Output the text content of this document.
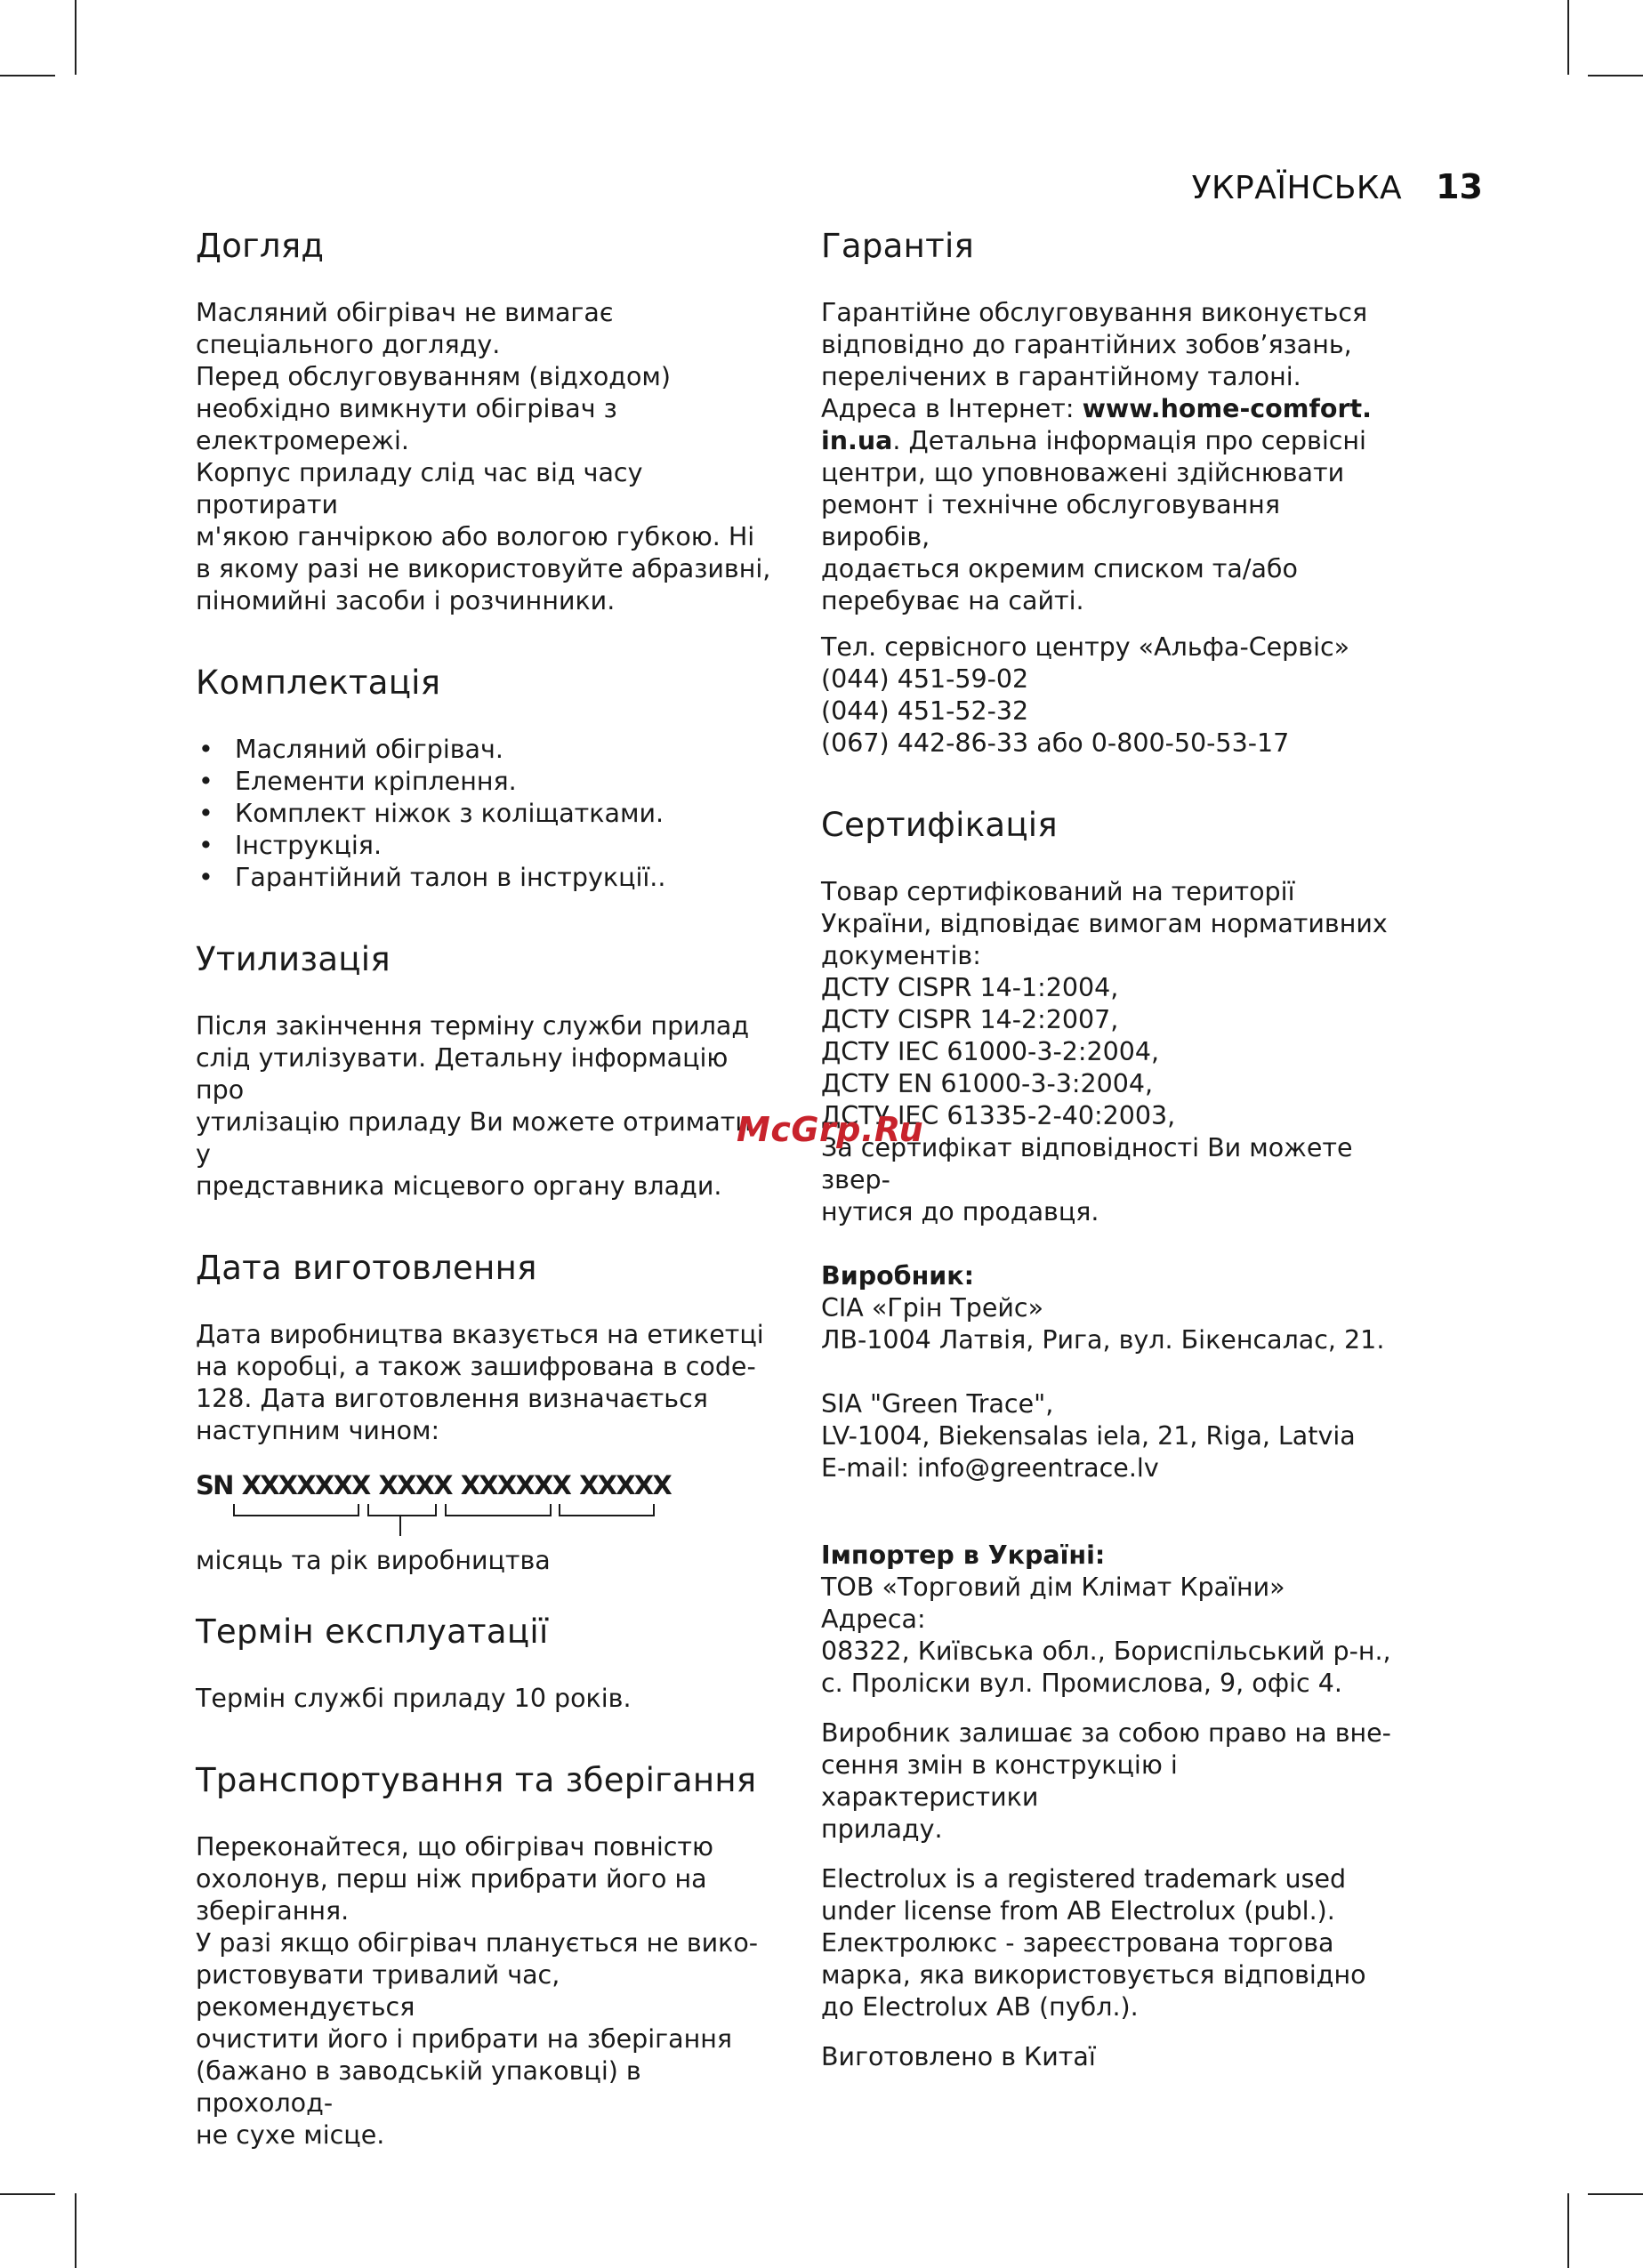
УКРАЇНСЬКА 13
Догляд
Масляний обігрівач не вимагає
спеціального догляду.
Перед обслуговуванням (відходом)
необхідно вимкнути обігрівач з
електромережі.
Корпус приладу слід час від часу протирати
м'якою ганчіркою або вологою губкою. Ні
в якому разі не використовуйте абразивні,
піномийні засоби і розчинники.
Комплектація
• Масляний обігрівач.
• Елементи кріплення.
• Комплект ніжок з коліщатками.
• Інструкція.
• Гарантійний талон в інструкції..
Утилизація
Після закінчення терміну служби прилад
слід утилізувати. Детальну інформацію про
утилізацію приладу Ви можете отримати у
представника місцевого органу влади.
Дата виготовлення
Дата виробництва вказується на етикетці
на коробці, а також зашифрована в code-
128. Дата виготовлення визначається
наступним чином:
SN XXXXXXX XXXX XXXXXX XXXXX
місяць та рік виробництва
Термін експлуатації
Термін службі приладу 10 років.
Транспортування та зберігання
Переконайтеся, що обігрівач повністю
охолонув, перш ніж прибрати його на
зберігання.
У разі якщо обігрівач планується не вико-
ристовувати тривалий час, рекомендується
очистити його і прибрати на зберігання
(бажано в заводській упаковці) в прохолод-
не сухе місце.
Гарантія
Гарантійне обслуговування виконується
відповідно до гарантійних зобов’язань,
перелічених в гарантійному талоні.
Адреса в Інтернет: www.home-comfort.
in.ua. Детальна інформація про сервісні
центри, що уповноважені здійснювати
ремонт і технічне обслуговування виробів,
додається окремим списком та/або
перебуває на сайті.
Тел. сервісного центру «Альфа-Сервіс»
(044) 451-59-02
(044) 451-52-32
(067) 442-86-33 або 0-800-50-53-17
Сертифікація
Товар сертифікований на території
України, відповідає вимогам нормативних
документів:
ДСТУ CISPR 14-1:2004,
ДСТУ CISPR 14-2:2007,
ДСТУ IEC 61000-3-2:2004,
ДСТУ EN 61000-3-3:2004,
ДСТУ IEC 61335-2-40:2003,
За сертифікат відповідності Ви можете звер-
нутися до продавця.
Виробник:
СІА «Грін Трейс»
ЛВ-1004 Латвія, Рига, вул. Бікенсалас, 21.
SIA "Green Trace",
LV-1004, Biekensalas iela, 21, Riga, Latvia
E-mail: info@greentrace.lv
Імпортер в Україні:
ТОВ «Торговий дім Клімат Країни» Адреса:
08322, Київська обл., Бориспільський р-н.,
с. Проліски вул. Промислова, 9, офіс 4.
Виробник залишає за собою право на вне-
сення змін в конструкцію і характеристики
приладу.
Electrolux is a registered trademark used
under license from AB Electrolux (publ.).
Електролюкс - зареєстрована торгова
марка, яка використовується відповідно
до Electrolux AB (публ.).
Виготовлено в Китаї
McGrp.Ru
